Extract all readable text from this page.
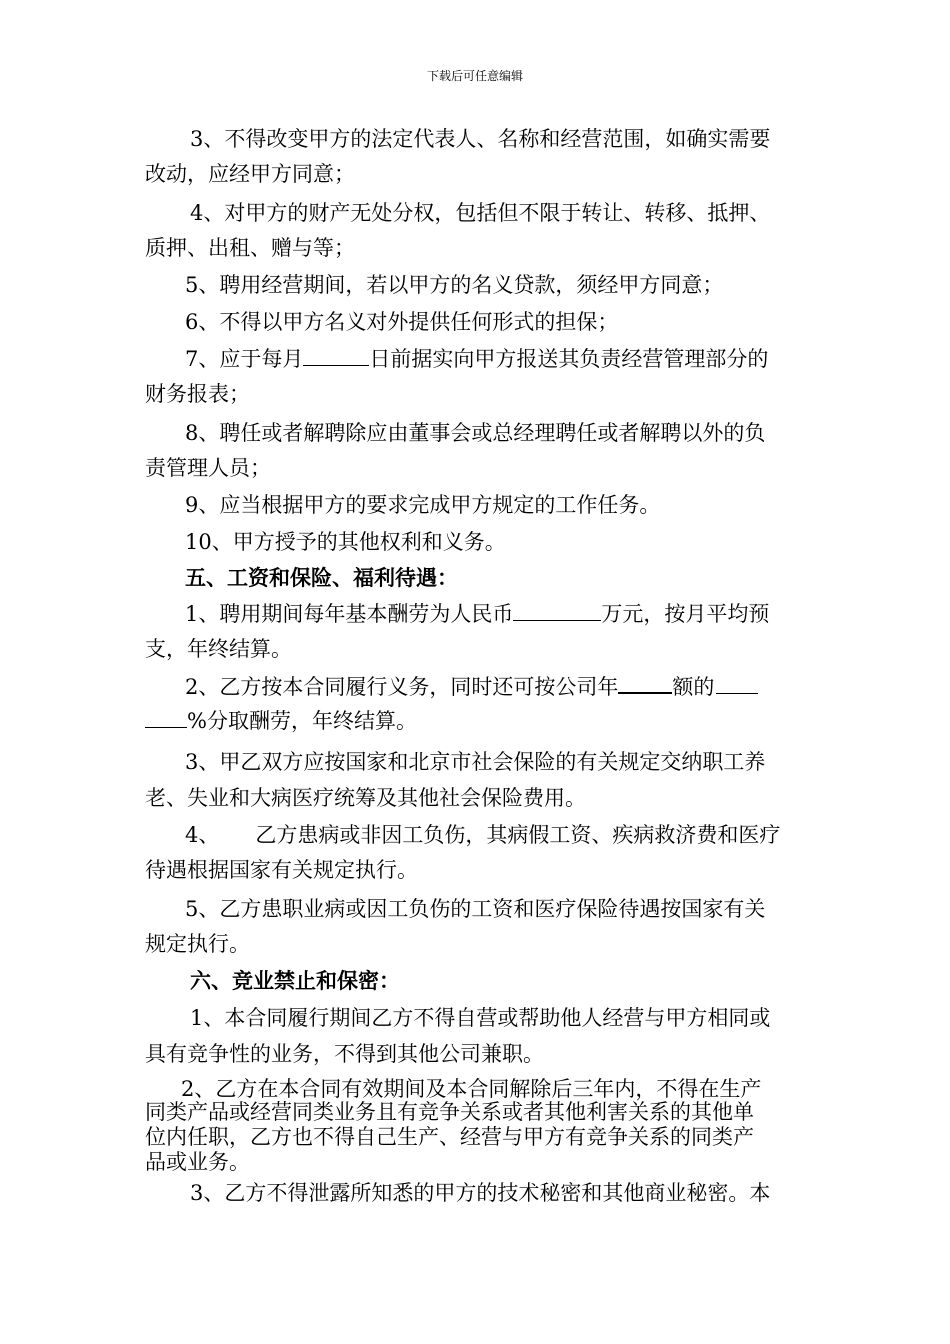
下载后可任意编辑
3、不得改变甲方的法定代表人、名称和经营范围，如确实需要
改动，应经甲方同意；
4、对甲方的财产无处分权，包括但不限于转让、转移、抵押、
质押、出租、赠与等；
5、聘用经营期间，若以甲方的名义贷款，须经甲方同意；
6、不得以甲方名义对外提供任何形式的担保；
7、应于每月	日前据实向甲方报送其负责经营管理部分的
财务报表；
8、聘任或者解聘除应由董事会或总经理聘任或者解聘以外的负
责管理人员；
9、应当根据甲方的要求完成甲方规定的工作任务。
10、甲方授予的其他权利和义务。
五、工资和保险、福利待遇：
1、聘用期间每年基本酬劳为人民币	万元，按月平均预
支，年终结算。
2、乙方按本合同履行义务，同时还可按公司年	额的
%分取酬劳，年终结算。
3、甲乙双方应按国家和北京市社会保险的有关规定交纳职工养
老、失业和大病医疗统筹及其他社会保险费用。
4、 乙方患病或非因工负伤，其病假工资、疾病救济费和医疗
待遇根据国家有关规定执行。
5、乙方患职业病或因工负伤的工资和医疗保险待遇按国家有关
规定执行。
六、竞业禁止和保密：
1、本合同履行期间乙方不得自营或帮助他人经营与甲方相同或
具有竞争性的业务，不得到其他公司兼职。
2、乙方在本合同有效期间及本合同解除后三年内，不得在生产
同类产品或经营同类业务且有竞争关系或者其他利害关系的其他单
位内任职，乙方也不得自己生产、经营与甲方有竞争关系的同类产
品或业务。
3、乙方不得泄露所知悉的甲方的技术秘密和其他商业秘密。本
